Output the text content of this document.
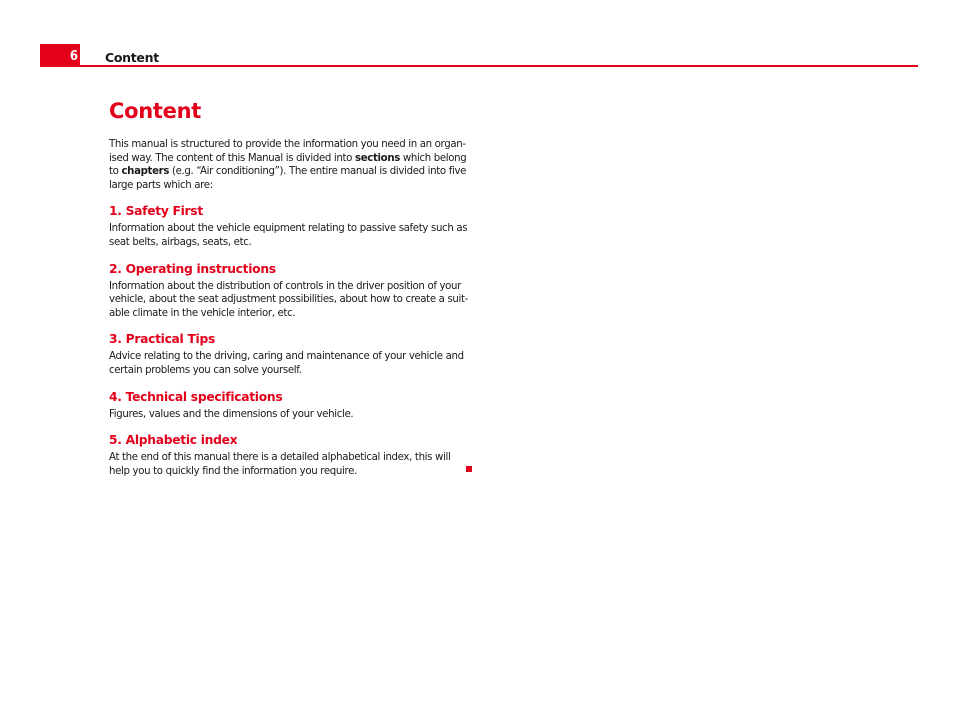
6 Content
Content

This manual is structured to provide the information you need in an organ-ised way. The content of this Manual is divided into sections which belong to chapters (e.g. “Air conditioning”). The entire manual is divided into five large parts which are:

1. Safety First

Information about the vehicle equipment relating to passive safety such as seat belts, airbags, seats, etc.

2. Operating instructions

Information about the distribution of controls in the driver position of your vehicle, about the seat adjustment possibilities, about how to create a suit-able climate in the vehicle interior, etc.

3. Practical Tips

Advice relating to the driving, caring and maintenance of your vehicle and certain problems you can solve yourself.

4. Technical specifications

Figures, values and the dimensions of your vehicle.

5. Alphabetic index

At the end of this manual there is a detailed alphabetical index, this will help you to quickly find the information you require.
